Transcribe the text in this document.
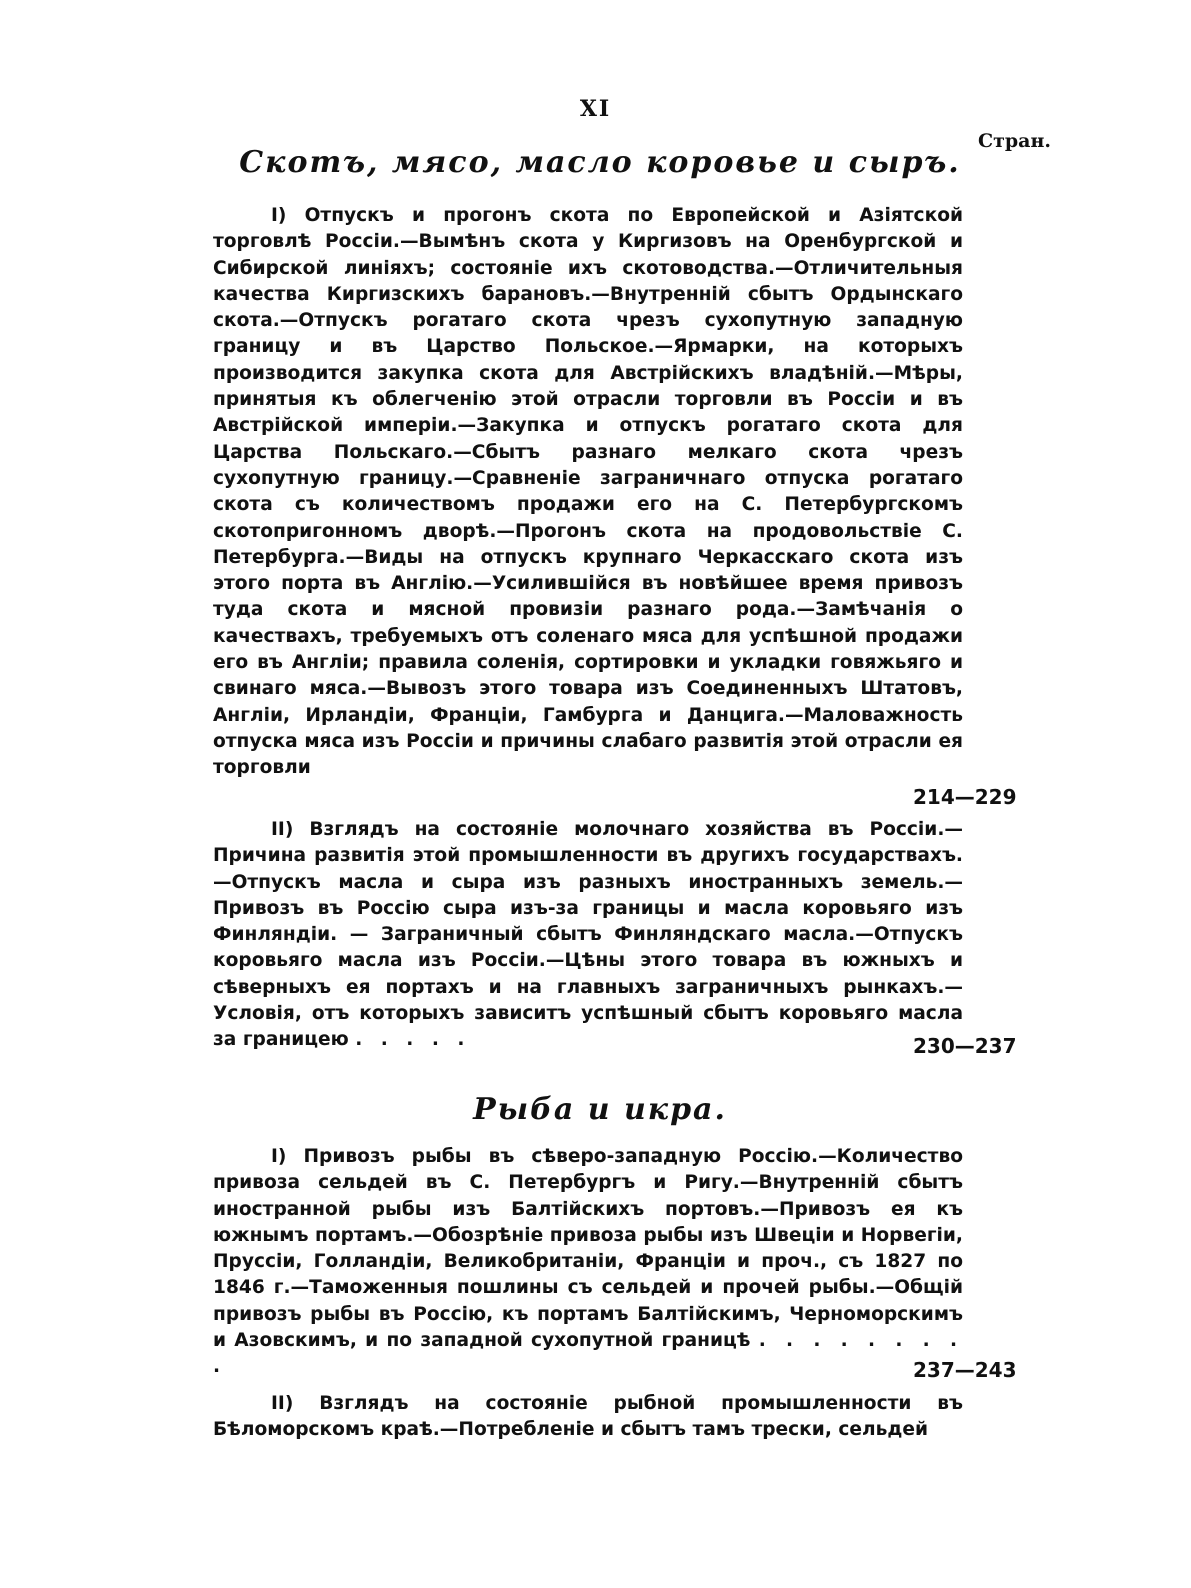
XI
Стран.
Скотъ, мясо, масло коровье и сыръ.
I) Отпускъ и прогонъ скота по Европейской и Азіятской торговлѣ Россіи.—Вымѣнъ скота у Киргизовъ на Оренбургской и Сибирской линіяхъ; состояніе ихъ скотоводства.—Отличительныя качества Киргизскихъ барановъ.—Внутренній сбытъ Ордынскаго скота.—Отпускъ рогатаго скота чрезъ сухопутную западную границу и въ Царство Польское.—Ярмарки, на которыхъ производится закупка скота для Австрійскихъ владѣній.—Мѣры, принятыя къ облегченію этой отрасли торговли въ Россіи и въ Австрійской имперіи.—Закупка и отпускъ рогатаго скота для Царства Польскаго.—Сбытъ разнаго мелкаго скота чрезъ сухопутную границу.—Сравненіе заграничнаго отпуска рогатаго скота съ количествомъ продажи его на С. Петербургскомъ скотопригонномъ дворѣ.—Прогонъ скота на продовольствіе С. Петербурга.—Виды на отпускъ крупнаго Черкасскаго скота изъ этого порта въ Англію.—Усилившійся въ новѣйшее время привозъ туда скота и мясной провизіи разнаго рода.—Замѣчанія о качествахъ, требуемыхъ отъ соленаго мяса для успѣшной продажи его въ Англіи; правила соленія, сортировки и укладки говяжьяго и свинаго мяса.—Вывозъ этого товара изъ Соединенныхъ Штатовъ, Англіи, Ирландіи, Франціи, Гамбурга и Данцига.—Маловажность отпуска мяса изъ Россіи и причины слабаго развитія этой отрасли ея торговли
214—229
II) Взглядъ на состояніе молочнаго хозяйства въ Россіи.—Причина развитія этой промышленности въ другихъ государствахъ.—Отпускъ масла и сыра изъ разныхъ иностранныхъ земель.—Привозъ въ Россію сыра изъ-за границы и масла коровьяго изъ Финляндіи. — Заграничный сбытъ Финляндскаго масла.—Отпускъ коровьяго масла изъ Россіи.—Цѣны этого товара въ южныхъ и сѣверныхъ ея портахъ и на главныхъ заграничныхъ рынкахъ.—Условія, отъ которыхъ зависитъ успѣшный сбытъ коровьяго масла за границею . . . . .	230—237
Рыба и икра.
I) Привозъ рыбы въ сѣверо-западную Россію.—Количество привоза сельдей въ С. Петербургъ и Ригу.—Внутренній сбытъ иностранной рыбы изъ Балтійскихъ портовъ.—Привозъ ея къ южнымъ портамъ.—Обозрѣніе привоза рыбы изъ Швеціи и Норвегіи, Пруссіи, Голландіи, Великобританіи, Франціи и проч., съ 1827 по 1846 г.—Таможенныя пошлины съ сельдей и прочей рыбы.—Общій привозъ рыбы въ Россію, къ портамъ Балтійскимъ, Черноморскимъ и Азовскимъ, и по западной сухопутной границѣ . . . . . . . . .	237—243
II) Взглядъ на состояніе рыбной промышленности въ Бѣломорскомъ краѣ.—Потребленіе и сбытъ тамъ трески, сельдей
